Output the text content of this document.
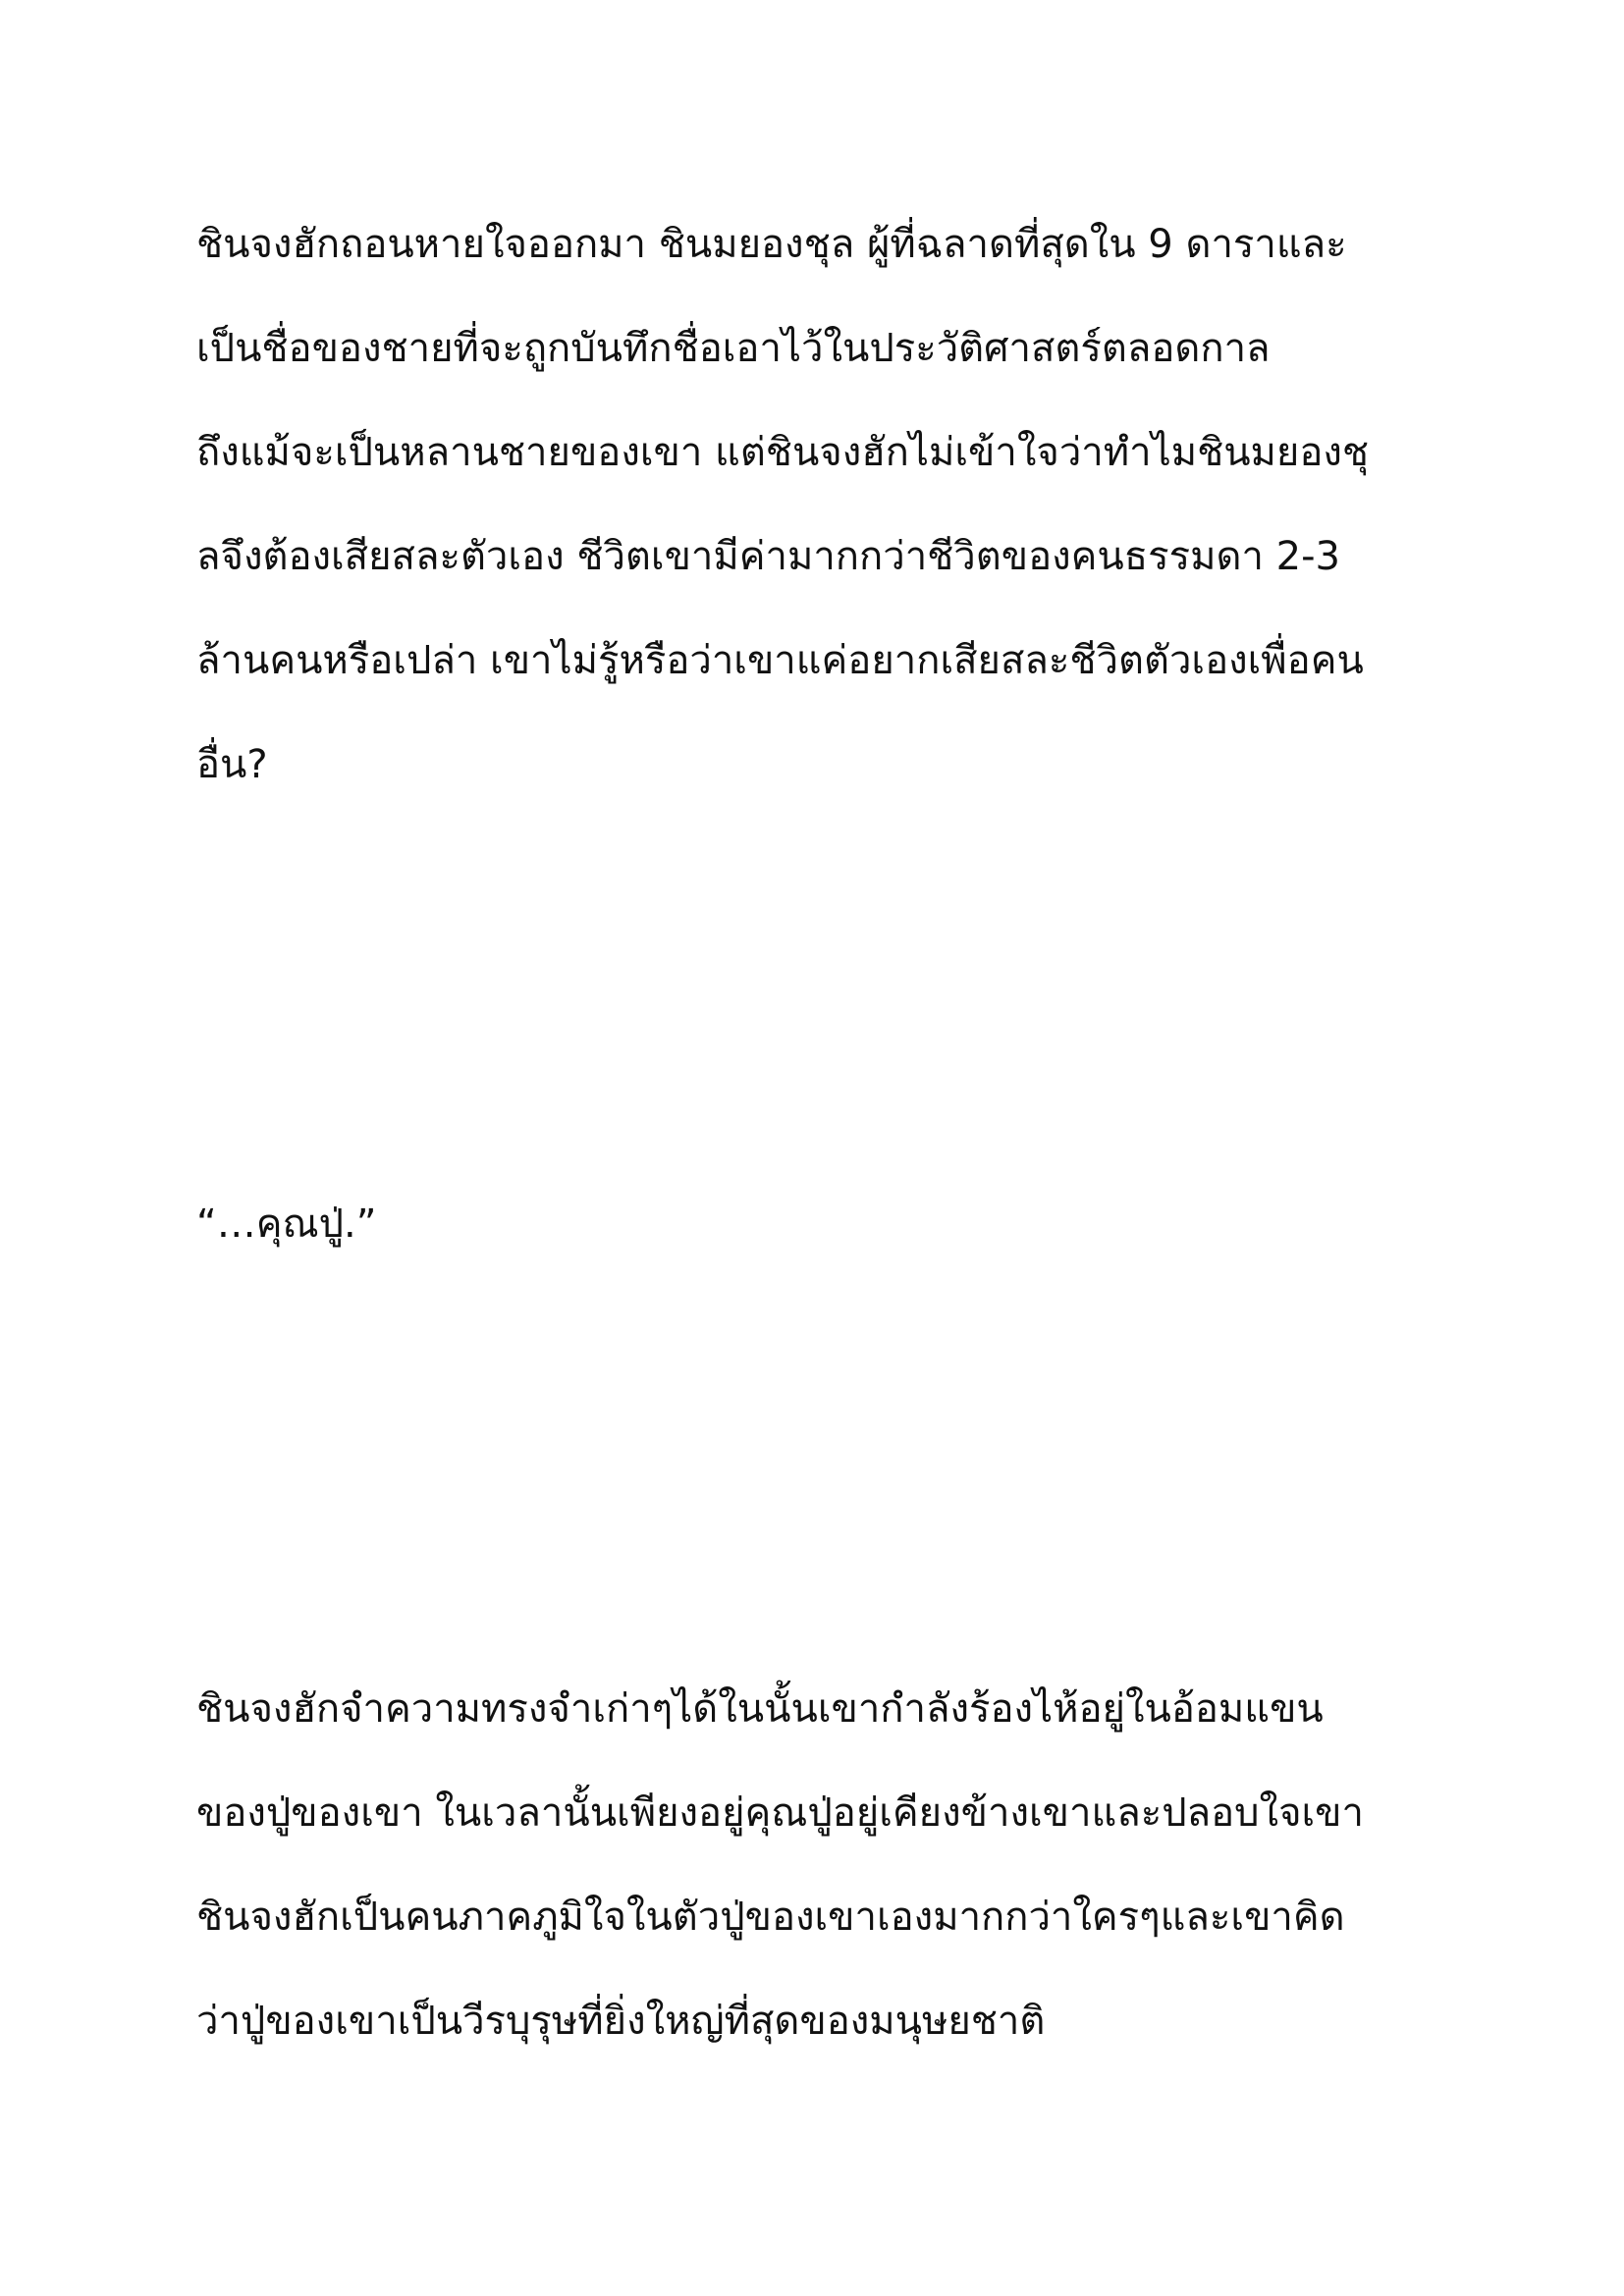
ชินจงฮักถอนหายใจออกมา ชินมยองชุล ผู้ที่ฉลาดที่สุดใน 9 ดาราและ
เป็นชื่อของชายที่จะถูกบันทึกชื่อเอาไว้ในประวัติศาสตร์ตลอดกาล
ถึงแม้จะเป็นหลานชายของเขา แต่ชินจงฮักไม่เข้าใจว่าทำไมชินมยองชุ
ลจึงต้องเสียสละตัวเอง ชีวิตเขามีค่ามากกว่าชีวิตของคนธรรมดา 2-3
ล้านคนหรือเปล่า เขาไม่รู้หรือว่าเขาแค่อยากเสียสละชีวิตตัวเองเพื่อคน
อื่น?

“…คุณปู่.”

ชินจงฮักจำความทรงจำเก่าๆได้ในนั้นเขากำลังร้องไห้อยู่ในอ้อมแขน
ของปู่ของเขา ในเวลานั้นเพียงอยู่คุณปู่อยู่เคียงข้างเขาและปลอบใจเขา
ชินจงฮักเป็นคนภาคภูมิใจในตัวปู่ของเขาเองมากกว่าใครๆและเขาคิด
ว่าปู่ของเขาเป็นวีรบุรุษที่ยิ่งใหญ่ที่สุดของมนุษยชาติ
